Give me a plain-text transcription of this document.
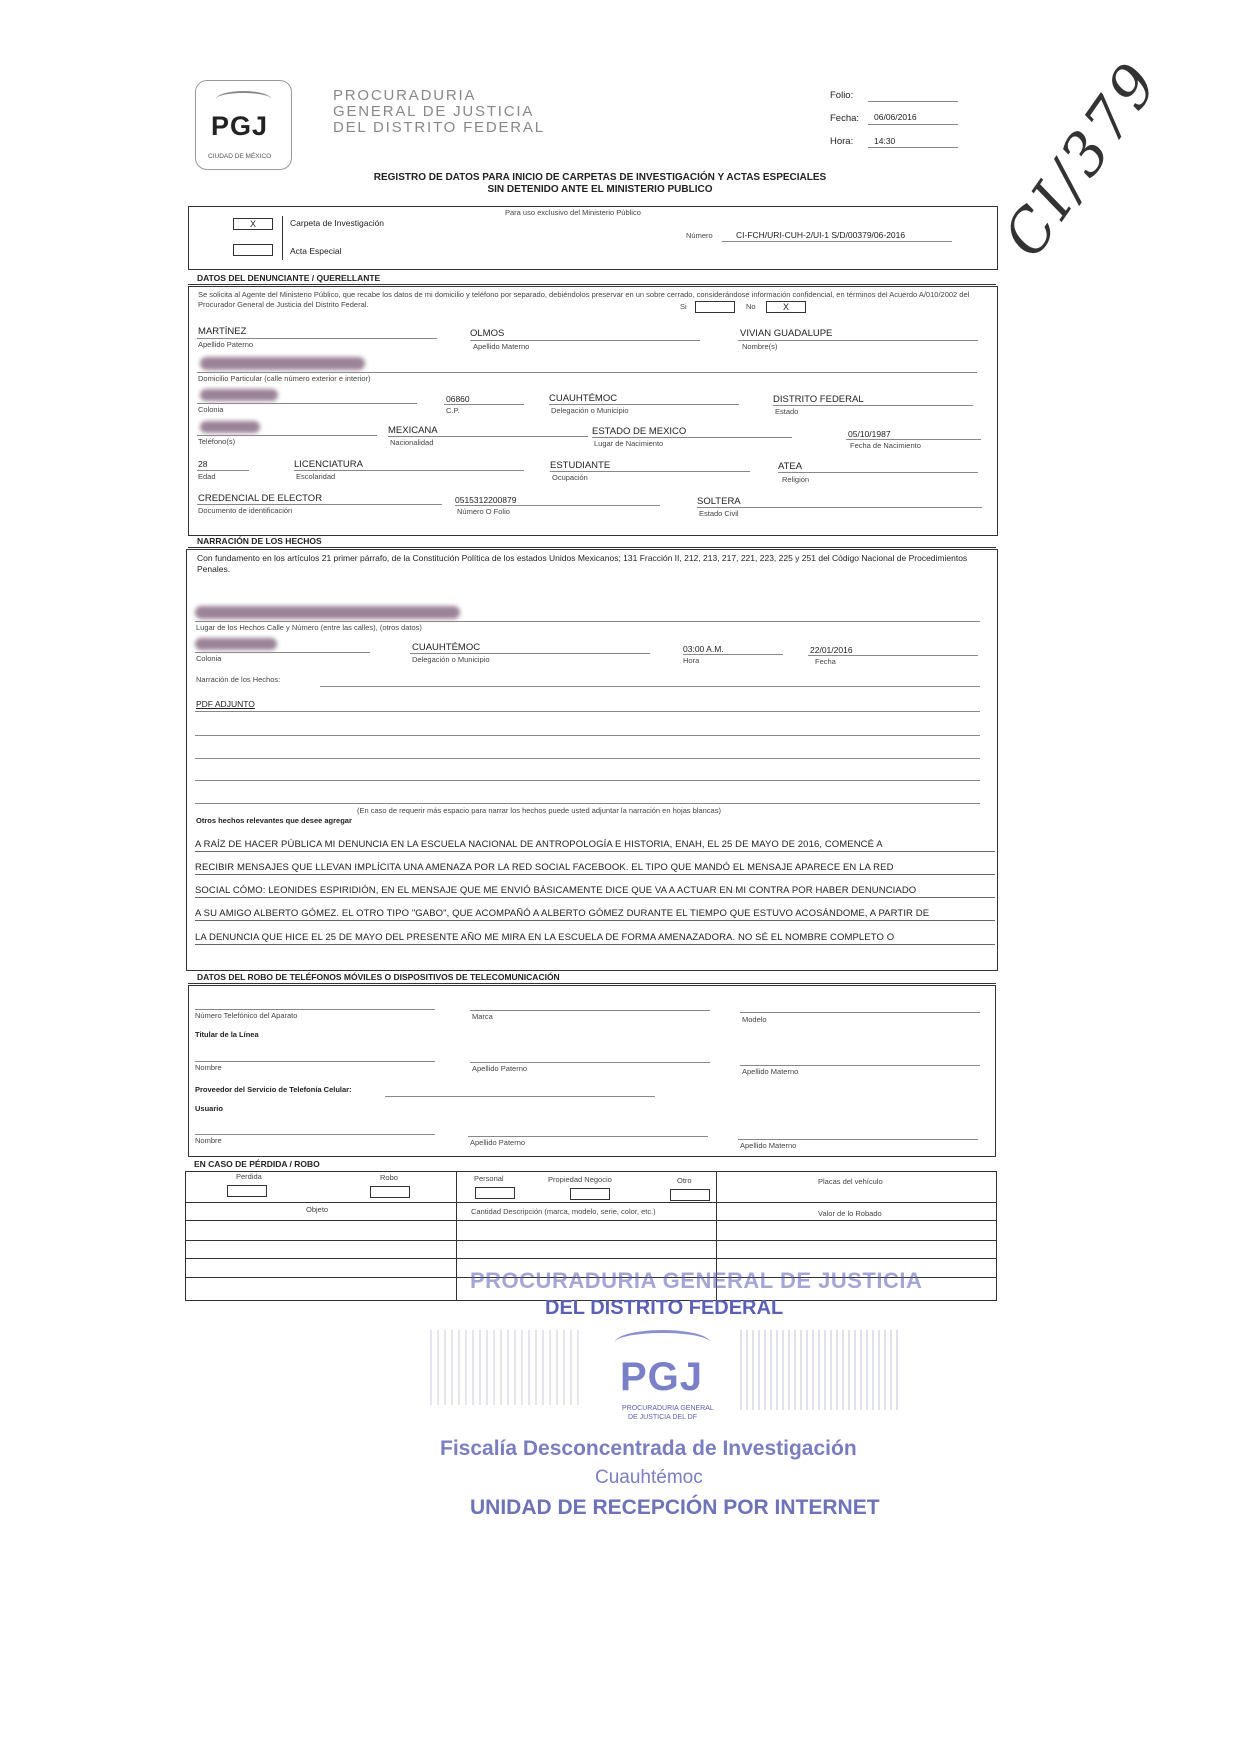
PGJ
CIUDAD DE MÉXICO
PROCURADURIA
GENERAL DE JUSTICIA
DEL DISTRITO FEDERAL
Folio:
Fecha: 06/06/2016
Hora: 14:30
REGISTRO DE DATOS PARA INICIO DE CARPETAS DE INVESTIGACIÓN Y ACTAS ESPECIALES
SIN DETENIDO ANTE EL MINISTERIO PUBLICO	CI/379
Para uso exclusivo del Ministerio Público
X	Carpeta de Investigación
Acta Especial
Número	CI-FCH/URI-CUH-2/UI-1 S/D/00379/06-2016
DATOS DEL DENUNCIANTE / QUERELLANTE
Se solicita al Agente del Ministerio Público, que recabe los datos de mi domicilio y teléfono por separado, debiéndolos preservar en un sobre cerrado, considerándose información confidencial, en términos del Acuerdo A/010/2002 del Procurador General de Justicia del Distrito Federal.	Si	No	X
MARTÍNEZ
Apellido Paterno
OLMOS
Apellido Materno
VIVIAN GUADALUPE
Nombre(s)
Domicilio Particular (calle número exterior e interior)
Colonia
06860
C.P.
CUAUHTÉMOC
Delegación o Municipio
DISTRITO FEDERAL
Estado
Teléfono(s)
MEXICANA
Nacionalidad
ESTADO DE MEXICO
Lugar de Nacimiento
05/10/1987
Fecha de Nacimiento
28
Edad
LICENCIATURA
Escolaridad
ESTUDIANTE
Ocupación
ATEA
Religión
CREDENCIAL DE ELECTOR
Documento de identificación
0515312200879
Número O Folio
SOLTERA
Estado Civil
NARRACIÓN DE LOS HECHOS
Con fundamento en los artículos 21 primer párrafo, de la Constitución Política de los estados Unidos Mexicanos; 131 Fracción II, 212, 213, 217, 221, 223, 225 y 251 del Código Nacional de Procedimientos Penales.
Lugar de los Hechos Calle y Número (entre las calles), (otros datos)
Colonia
CUAUHTÉMOC
Delegación o Municipio
03:00 A.M.
Hora
22/01/2016
Fecha
Narración de los Hechos:
PDF ADJUNTO
(En caso de requerir más espacio para narrar los hechos puede usted adjuntar la narración en hojas blancas)
Otros hechos relevantes que desee agregar
A RAÍZ DE HACER PÚBLICA MI DENUNCIA EN LA ESCUELA NACIONAL DE ANTROPOLOGÍA E HISTORIA, ENAH, EL 25 DE MAYO DE 2016, COMENCÉ A
RECIBIR MENSAJES QUE LLEVAN IMPLÍCITA UNA AMENAZA POR LA RED SOCIAL FACEBOOK. EL TIPO QUE MANDÓ EL MENSAJE APARECE EN LA RED
SOCIAL CÓMO: LEONIDES ESPIRIDIÓN, EN EL MENSAJE QUE ME ENVIÓ BÁSICAMENTE DICE QUE VA A ACTUAR EN MI CONTRA POR HABER DENUNCIADO
A SU AMIGO ALBERTO GÓMEZ. EL OTRO TIPO "GABO", QUE ACOMPAÑÓ A ALBERTO GÓMEZ DURANTE EL TIEMPO QUE ESTUVO ACOSÁNDOME, A PARTIR DE
LA DENUNCIA QUE HICE EL 25 DE MAYO DEL PRESENTE AÑO ME MIRA EN LA ESCUELA DE FORMA AMENAZADORA. NO SÉ EL NOMBRE COMPLETO O
DATOS DEL ROBO DE TELÉFONOS MÓVILES O DISPOSITIVOS DE TELECOMUNICACIÓN
Número Telefónico del Aparato	Marca	Modelo
Titular de la Línea
Nombre	Apellido Paterno	Apellido Materno
Proveedor del Servicio de Telefonía Celular:
Usuario
Nombre	Apellido Paterno	Apellido Materno
EN CASO DE PÉRDIDA / ROBO
Perdida	Robo	Personal	Propiedad Negocio	Otro	Placas del vehículo
Objeto	Cantidad Descripción (marca, modelo, serie, color, etc.)	Valor de lo Robado
PROCURADURIA GENERAL DE JUSTICIA
DEL DISTRITO FEDERAL
PGJ
PROCURADURIA GENERAL
DE JUSTICIA DEL DF
Fiscalía Desconcentrada de Investigación
Cuauhtémoc
UNIDAD DE RECEPCIÓN POR INTERNET
